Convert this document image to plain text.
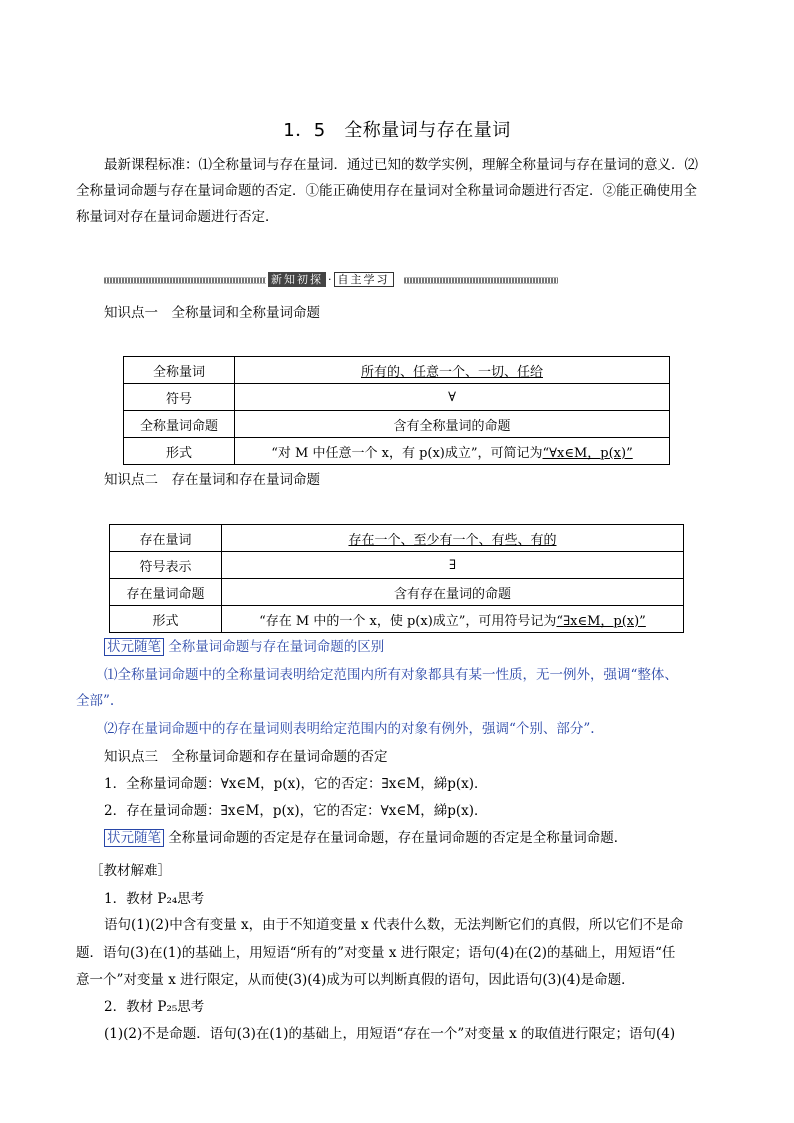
1．5　全称量词与存在量词
最新课程标准：⑴全称量词与存在量词．通过已知的数学实例，理解全称量词与存在量词的意义．⑵
全称量词命题与存在量词命题的否定．①能正确使用存在量词对全称量词命题进行否定．②能正确使用全
称量词对存在量词命题进行否定．
新知初探 · 自主学习
知识点一　全称量词和全称量词命题
全称量词	所有的、任意一个、一切、任给
符号	∀
全称量词命题	含有全称量词的命题
形式	“对 M 中任意一个 x，有 p(x)成立”，可简记为“∀x∈M，p(x)”
知识点二　存在量词和存在量词命题
存在量词	存在一个、至少有一个、有些、有的
符号表示	∃
存在量词命题	含有存在量词的命题
形式	“存在 M 中的一个 x，使 p(x)成立”，可用符号记为“∃x∈M，p(x)”
状元随笔 全称量词命题与存在量词命题的区别
⑴全称量词命题中的全称量词表明给定范围内所有对象都具有某一性质，无一例外，强调“整体、
全部”.
⑵存在量词命题中的存在量词则表明给定范围内的对象有例外，强调“个别、部分”.
知识点三　全称量词命题和存在量词命题的否定
1．全称量词命题：∀x∈M，p(x)，它的否定：∃x∈M，綈p(x)．
2．存在量词命题：∃x∈M，p(x)，它的否定：∀x∈M，綈p(x)．
状元随笔 全称量词命题的否定是存在量词命题，存在量词命题的否定是全称量词命题．
［教材解难］
1．教材 P₂₄思考
语句(1)(2)中含有变量 x，由于不知道变量 x 代表什么数，无法判断它们的真假，所以它们不是命
题．语句(3)在(1)的基础上，用短语“所有的”对变量 x 进行限定；语句(4)在(2)的基础上，用短语“任
意一个”对变量 x 进行限定，从而使(3)(4)成为可以判断真假的语句，因此语句(3)(4)是命题．
2．教材 P₂₅思考
(1)(2)不是命题．语句(3)在(1)的基础上，用短语“存在一个”对变量 x 的取值进行限定；语句(4)
